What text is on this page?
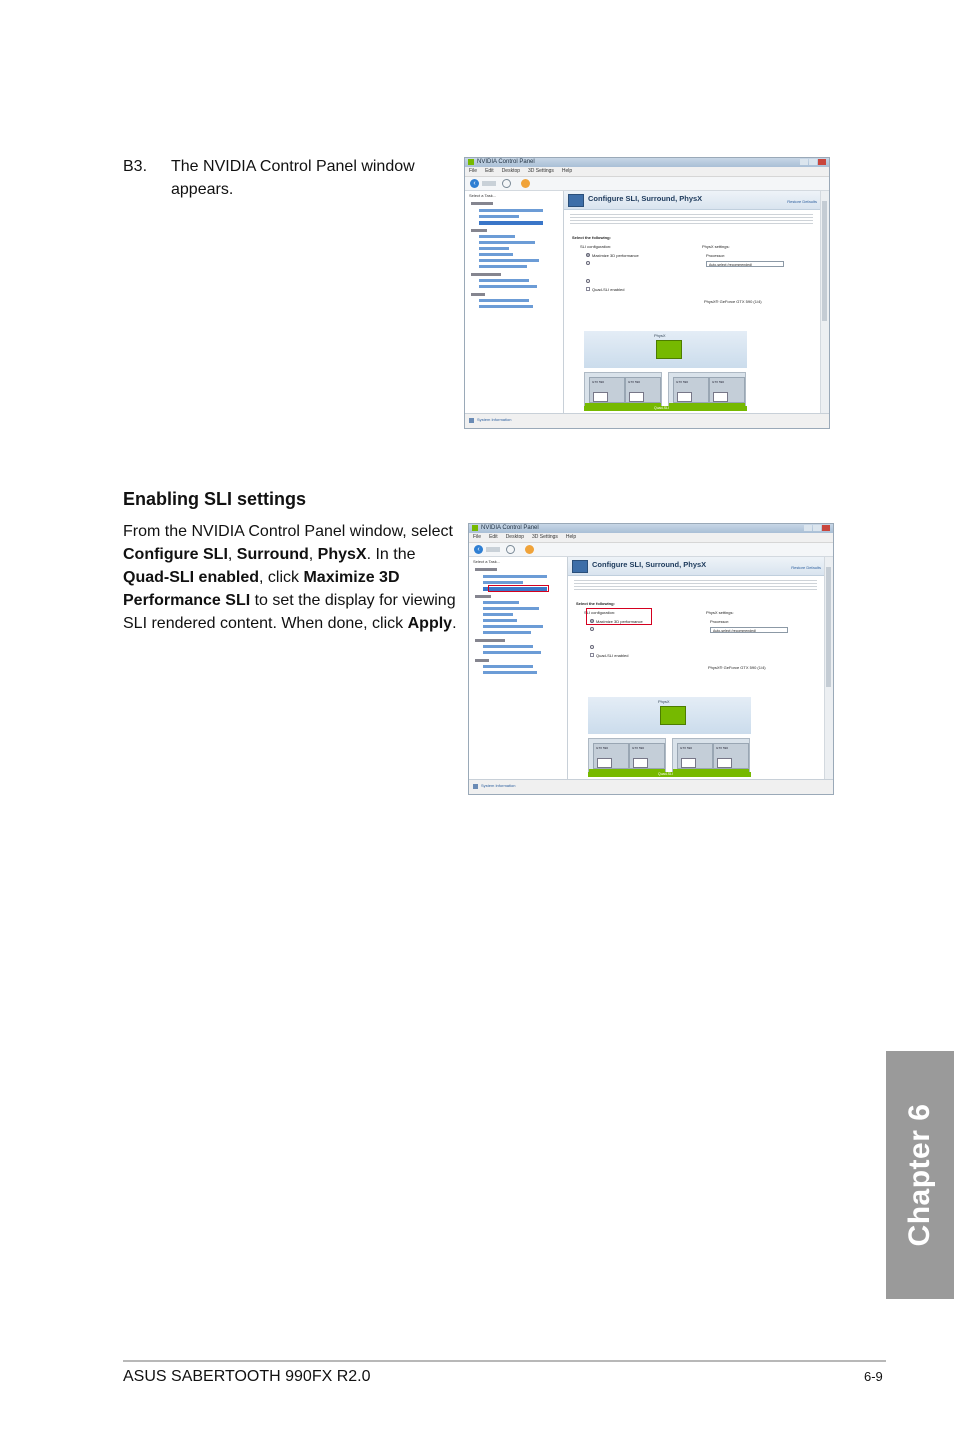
B3. The NVIDIA Control Panel window appears.
NVIDIA Control Panel
File Edit Desktop 3D Settings Help
‹
Select a Task...	Configure SLI, Surround, PhysX	Restore Defaults
Select the following:
SLI configuration:
Maximize 3D performance
Quad-SLI enabled
PhysX settings:
Processor:
Auto-select (recommended)
PhysX® GeForce GTX 590 (1/4)
PhysX
GTX 590	GTX 590	GTX 590	GTX 590
Quad-SLI
System Information
Enabling SLI settings
From the NVIDIA Control Panel window, select Configure SLI, Surround, PhysX. In the Quad-SLI enabled, click Maximize 3D Performance SLI to set the display for viewing SLI rendered content. When done, click Apply.
NVIDIA Control Panel
File Edit Desktop 3D Settings Help
‹
Select a Task...	Configure SLI, Surround, PhysX	Restore Defaults
Select the following:
SLI configuration:
Maximize 3D performance
Quad-SLI enabled
PhysX settings:
Processor:
Auto-select (recommended)
PhysX® GeForce GTX 590 (1/4)
PhysX
GTX 590	GTX 590	GTX 590	GTX 590
Quad-SLI
System Information
Chapter 6
ASUS SABERTOOTH 990FX R2.0	6-9
